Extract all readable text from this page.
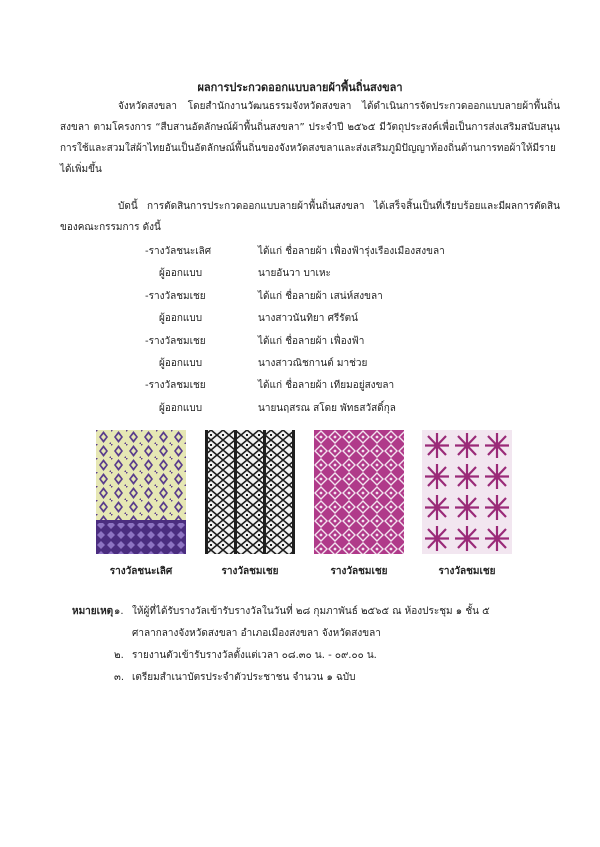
ผลการประกวดออกแบบลายผ้าพื้นถิ่นสงขลา
จังหวัดสงขลา โดยสำนักงานวัฒนธรรมจังหวัดสงขลา ได้ดำเนินการจัดประกวดออกแบบลายผ้าพื้นถิ่นสงขลา ตามโครงการ “สืบสานอัตลักษณ์ผ้าพื้นถิ่นสงขลา” ประจำปี ๒๕๖๕ มีวัตถุประสงค์เพื่อเป็นการส่งเสริมสนับสนุนการใช้และสวมใส่ผ้าไทยอันเป็นอัตลักษณ์พื้นถิ่นของจังหวัดสงขลาและส่งเสริมภูมิปัญญาท้องถิ่นด้านการทอผ้าให้มีรายได้เพิ่มขึ้น
บัดนี้ การตัดสินการประกวดออกแบบลายผ้าพื้นถิ่นสงขลา ได้เสร็จสิ้นเป็นที่เรียบร้อยและมีผลการตัดสินของคณะกรรมการ ดังนี้
-รางวัลชนะเลิศ	ได้แก่ ชื่อลายผ้า เฟื่องฟ้ารุ่งเรืองเมืองสงขลา
ผู้ออกแบบ	นายอันวา บาเหะ
-รางวัลชมเชย	ได้แก่ ชื่อลายผ้า เสน่ห์สงขลา
ผู้ออกแบบ	นางสาวนันทิยา ศรีรัตน์
-รางวัลชมเชย	ได้แก่ ชื่อลายผ้า เฟื่องฟ้า
ผู้ออกแบบ	นางสาวณิชกานต์ มาช่วย
-รางวัลชมเชย	ได้แก่ ชื่อลายผ้า เทียมอยู่สงขลา
ผู้ออกแบบ	นายนฤสรณ สโดย พัทธสวัสดิ์กุล
รางวัลชนะเลิศ	รางวัลชมเชย	รางวัลชมเชย	รางวัลชมเชย
หมายเหตุ ๑. ให้ผู้ที่ได้รับรางวัลเข้ารับรางวัลในวันที่ ๒๘ กุมภาพันธ์ ๒๕๖๕ ณ ห้องประชุม ๑ ชั้น ๕
ศาลากลางจังหวัดสงขลา อำเภอเมืองสงขลา จังหวัดสงขลา
๒. รายงานตัวเข้ารับรางวัลตั้งแต่เวลา ๐๘.๓๐ น. - ๐๙.๐๐ น.
๓. เตรียมสำเนาบัตรประจำตัวประชาชน จำนวน ๑ ฉบับ
